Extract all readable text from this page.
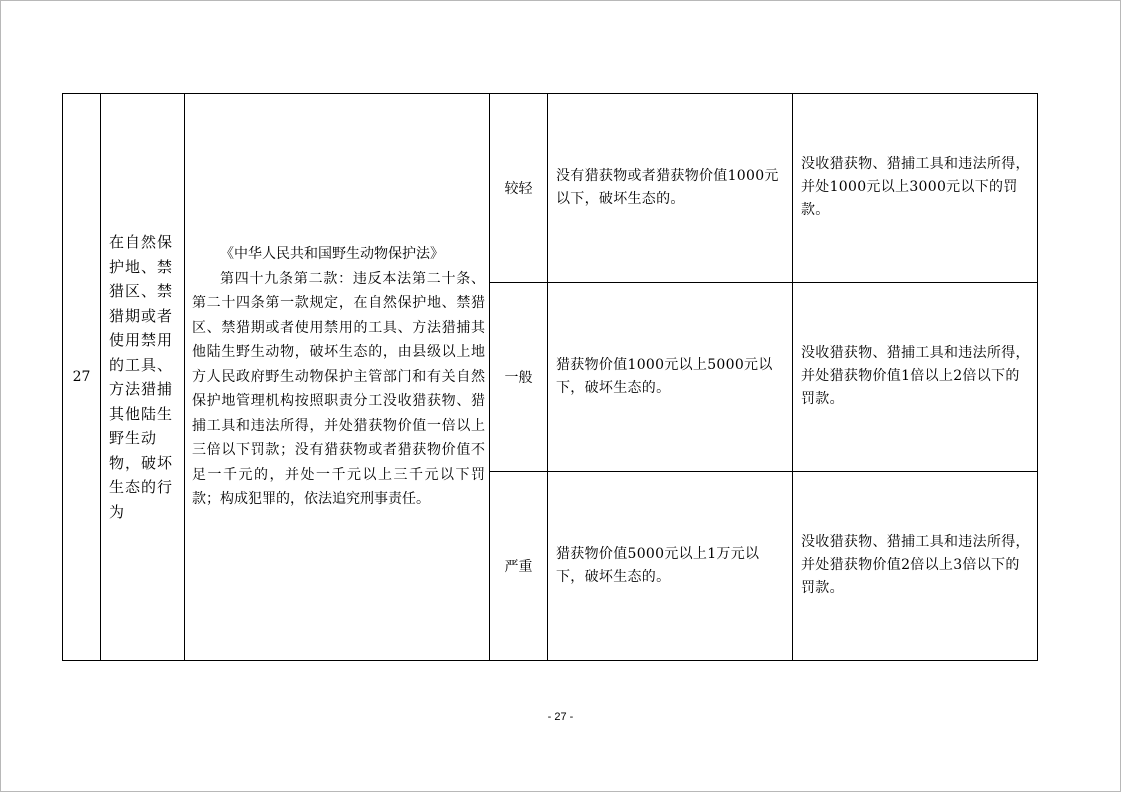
27	在自然保护地、禁猎区、禁猎期或者使用禁用的工具、方法猎捕其他陆生野生动物，破坏生态的行为	《中华人民共和国野生动物保护法》
第四十九条第二款：违反本法第二十条、第二十四条第一款规定，在自然保护地、禁猎区、禁猎期或者使用禁用的工具、方法猎捕其他陆生野生动物，破坏生态的，由县级以上地方人民政府野生动物保护主管部门和有关自然保护地管理机构按照职责分工没收猎获物、猎捕工具和违法所得，并处猎获物价值一倍以上三倍以下罚款；没有猎获物或者猎获物价值不足一千元的，并处一千元以上三千元以下罚款；构成犯罪的，依法追究刑事责任。	较轻	没有猎获物或者猎获物价值1000元以下，破坏生态的。	没收猎获物、猎捕工具和违法所得，并处1000元以上3000元以下的罚款。

			一般	猎获物价值1000元以上5000元以下，破坏生态的。	没收猎获物、猎捕工具和违法所得，并处猎获物价值1倍以上2倍以下的罚款。

			严重	猎获物价值5000元以上1万元以下，破坏生态的。	没收猎获物、猎捕工具和违法所得，并处猎获物价值2倍以上3倍以下的罚款。
- 27 -
